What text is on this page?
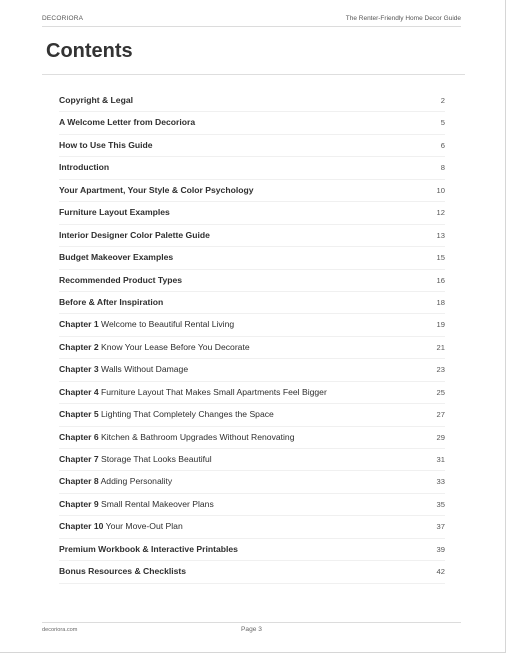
DECORIORA	The Renter-Friendly Home Decor Guide
Contents
Copyright & Legal	2
A Welcome Letter from Decoriora	5
How to Use This Guide	6
Introduction	8
Your Apartment, Your Style & Color Psychology	10
Furniture Layout Examples	12
Interior Designer Color Palette Guide	13
Budget Makeover Examples	15
Recommended Product Types	16
Before & After Inspiration	18
Chapter 1 Welcome to Beautiful Rental Living	19
Chapter 2 Know Your Lease Before You Decorate	21
Chapter 3 Walls Without Damage	23
Chapter 4 Furniture Layout That Makes Small Apartments Feel Bigger	25
Chapter 5 Lighting That Completely Changes the Space	27
Chapter 6 Kitchen & Bathroom Upgrades Without Renovating	29
Chapter 7 Storage That Looks Beautiful	31
Chapter 8 Adding Personality	33
Chapter 9 Small Rental Makeover Plans	35
Chapter 10 Your Move-Out Plan	37
Premium Workbook & Interactive Printables	39
Bonus Resources & Checklists	42
decoriora.com	Page 3
